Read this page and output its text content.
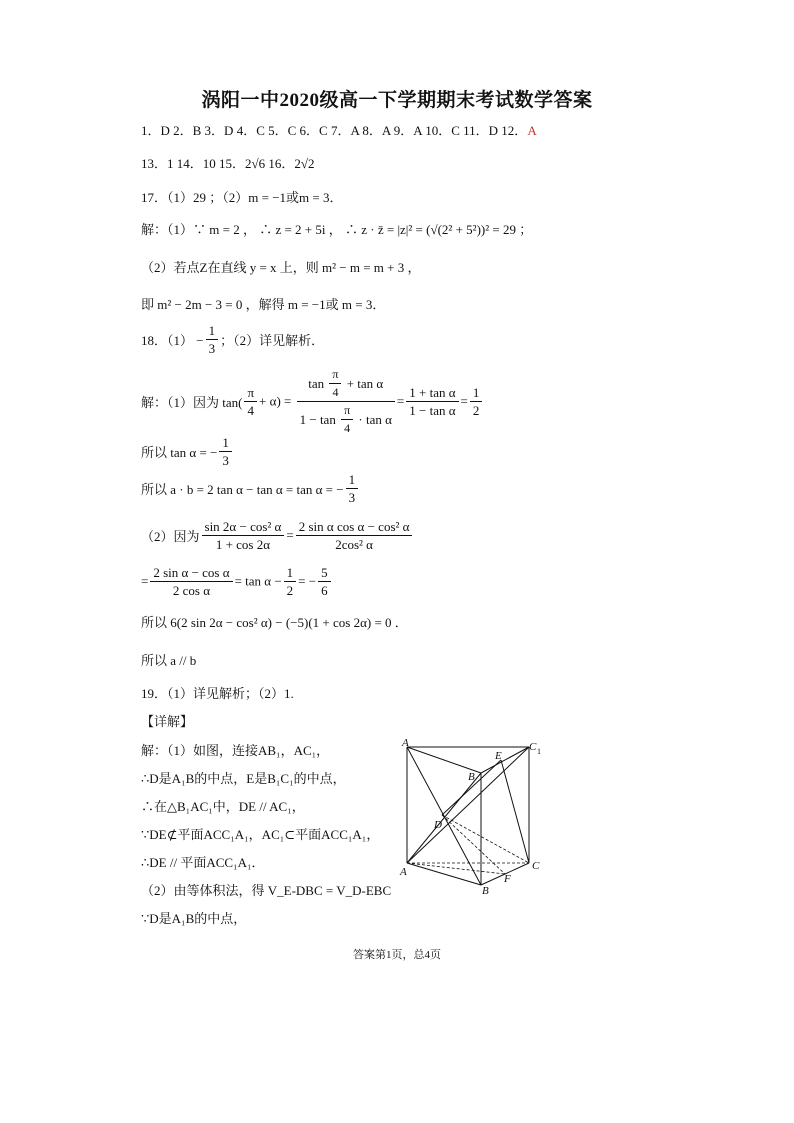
涡阳一中2020级高一下学期期末考试数学答案
1．D 2．B 3．D 4．C 5．C 6．C 7．A 8．A 9．A 10．C 11．D 12．A
13．1 14．10 15．2√6 16．2√2
17．（1）29 ；（2）m = −1或m = 3．
解：（1）∵ m = 2 ， ∴ z = 2 + 5i ， ∴ z · z̄ = |z|² = (√(2² + 5²))² = 29 ；
（2）若点Z在直线 y = x 上，则 m² − m = m + 3 ，
即 m² − 2m − 3 = 0 ，解得 m = −1或 m = 3．
18．$(1) - \frac{1}{3}$ ；（2）详见解析．
解：（1）因为 $\tan( \frac{\pi}{4} + \alpha) = \frac{\tan \frac{\pi}{4} + \tan \alpha}{1 - \tan \frac{\pi}{4} \cdot \tan \alpha} = \frac{\text{1 + tan α}}{\text{1 − tan α}} = \frac{1}{2}$
所以 tan α = − $\frac{1}{3}$
所以 a · b = 2 tan α − tan α = tan α = − $\frac{1}{3}$
（2）因为 $\frac{\text{sin 2α − cos² α}}{1 + \cos 2\alpha} = \frac{\text{2 sin α cos α − cos² α}}{\text{2cos² α}}$
= $\frac{\text{2 sin α − cos α}}{\text{2 cos α}} = \tan \alpha - \frac{1}{2}$ = − $\frac{5}{6}$
所以 6(2 sin 2α − cos² α) − (−5)(1 + cos 2α) = 0 ．
所以 a // b
19．（1）详见解析；（2）1.
【详解】
解：（1）如图，连接AB₁，AC₁，
∴D是A₁B的中点，E是B₁C₁的中点，
∴在△B₁AC₁中，DE // AC₁，
∵DE⊄平面ACC₁A₁，AC₁⊂平面ACC₁A₁，
∴DE // 平面ACC₁A₁．
（2）由等体积法，得 V_E-DBC = V_D-EBC
∵D是A₁B的中点，
A
B
E
C 1
D
A	C
F
B
答案第1页，总4页
